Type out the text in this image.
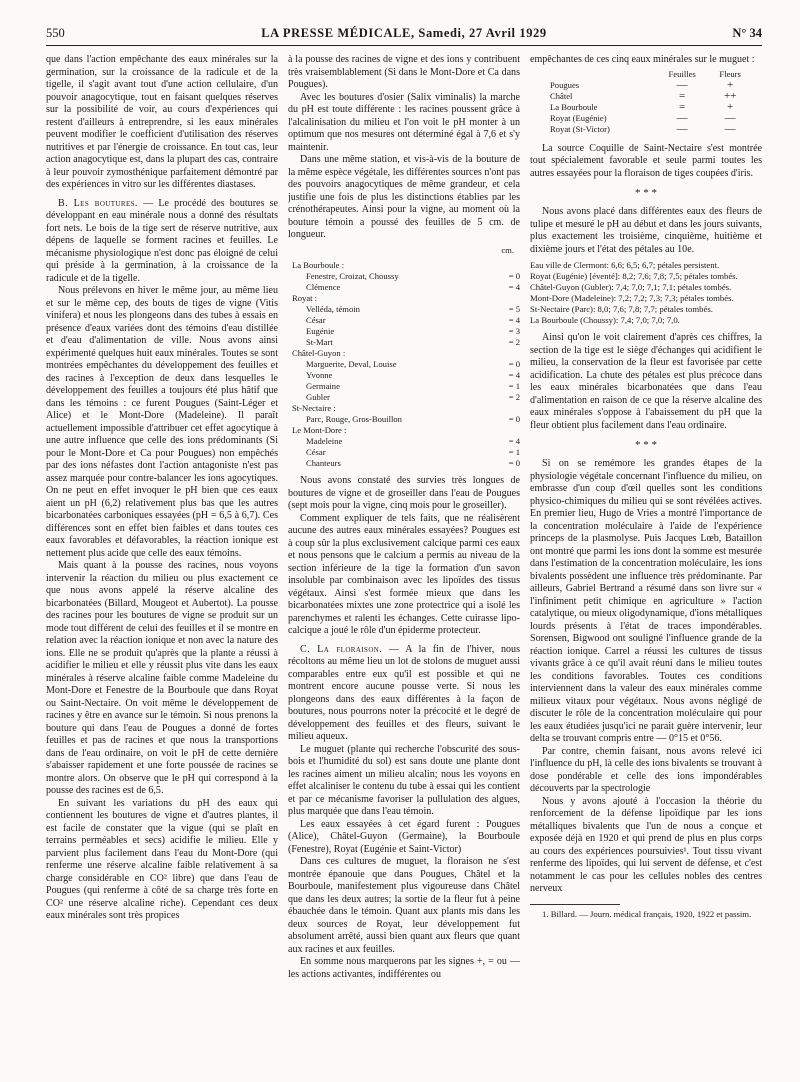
550	LA PRESSE MÉDICALE, Samedi, 27 Avril 1929	N° 34

que dans l'action empêchante des eaux minérales sur la germination, sur la croissance de la radicule et de la tigelle, il s'agit avant tout d'une action cellulaire, d'un pouvoir anagocytique, tout en faisant quelques réserves sur la possibilité de voir, au cours d'expériences qui restent d'ailleurs à entreprendre, si les eaux minérales peuvent modifier le coefficient d'utilisation des réserves nutritives et par l'énergie de croissance. En tout cas, leur action anagocytique est, dans la plupart des cas, contraire à leur pouvoir zymosthénique parfaitement démontré par des expériences in vitro sur les différentes diastases.

B. Les boutures. — Le procédé des boutures se développant en eau minérale nous a donné des résultats fort nets. Le bois de la tige sert de réserve nutritive, aux dépens de laquelle se forment racines et feuilles. Le mécanisme physiologique n'est donc pas éloigné de celui qui préside à la germination, à la croissance de la radicule et de la tigelle.

Nous prélevons en hiver le même jour, au même lieu et sur le même cep, des bouts de tiges de vigne (Vitis vinifera) et nous les plongeons dans des tubes à essais en présence d'eaux variées dont des témoins d'eau distillée et d'eau d'alimentation de ville. Nous avons ainsi expérimenté quelques huit eaux minérales. Toutes se sont montrées empêchantes du développement des feuilles et des racines à l'exception de deux dans lesquelles le développement des feuilles a toujours été plus hâtif que dans les témoins : ce furent Pougues (Saint-Léger et Alice) et le Mont-Dore (Madeleine). Il paraît actuellement impossible d'attribuer cet effet agocytique à une autre influence que celle des ions prédominants (Si pour le Mont-Dore et Ca pour Pougues) non empêchés par des ions néfastes dont l'action antagoniste n'est pas assez marquée pour contre-balancer les ions agocytiques. On ne peut en effet invoquer le pH bien que ces eaux aient un pH (6,2) relativement plus bas que les autres bicarbonatées carboniques essayées (pH = 6,5 à 6,7). Ces différences sont en effet bien faibles et dans toutes ces eaux favorables et défavorables, la réaction ionique est nettement plus acide que celle des eaux témoins.

Mais quant à la pousse des racines, nous voyons intervenir la réaction du milieu ou plus exactement ce que nous avons appelé la réserve alcaline des bicarbonatées (Billard, Mougeot et Aubertot). La pousse des racines pour les boutures de vigne se produit sur un mode tout différent de celui des feuilles et il se montre en relation avec la réaction ionique et non avec la nature des ions. Elle ne se produit qu'après que la plante a réussi à acidifier le milieu et elle y réussit plus vite dans les eaux minérales à réserve alcaline faible comme Madeleine du Mont-Dore et Fenestre de la Bourboule que dans Royat ou Saint-Nectaire. On voit même le développement de racines y être en avance sur le témoin. Si nous prenons la bouture qui dans l'eau de Pougues a donné de fortes feuilles et pas de racines et que nous la transportions dans de l'eau ordinaire, on voit le pH de cette dernière s'abaisser rapidement et une forte poussée de racines se montre alors. On observe que le pH qui correspond à la pousse des racines est de 6,5.

En suivant les variations du pH des eaux qui contiennent les boutures de vigne et d'autres plantes, il est facile de constater que la vigue (qui se plaît en terrains perméables et secs) acidifie le milieu. Elle y parvient plus facilement dans l'eau du Mont-Dore (qui renferme une réserve alcaline faible relativement à sa charge considérable en CO² libre) que dans l'eau de Pougues (qui renferme à côté de sa charge très forte en CO² une réserve alcaline riche). Cependant ces deux eaux minérales sont très propices

à la pousse des racines de vigne et des ions y contribuent très vraisemblablement (Si dans le Mont-Dore et Ca dans Pougues).

Avec les boutures d'osier (Salix viminalis) la marche du pH est toute différente : les racines poussent grâce à l'alcalinisation du milieu et l'on voit le pH monter à un optimum que nos mesures ont déterminé égal à 7,6 et s'y maintenir.

Dans une même station, et vis-à-vis de la bouture de la même espèce végétale, les différentes sources n'ont pas des pouvoirs anagocytiques de même grandeur, et cela justifie une fois de plus les distinctions établies par les crénothérapeutes. Ainsi pour la vigne, au moment où la bouture témoin a poussé des feuilles de 5 cm. de longueur.

cm.
La Bourboule :	
Fenestre, Croizat, Choussy	= 0
Clémence	= 4
Royat :	
Velléda, témoin	= 5
César	= 4
Eugénie	= 3
St-Mart	= 2
Châtel-Guyon :	
Marguerite, Deval, Louise	= 0
Yvonne	= 4
Germaine	= 1
Gubler	= 2
St-Nectaire :	
Parc, Rouge, Gros-Bouillon	= 0
Le Mont-Dore :	
Madeleine	= 4
César	= 1
Chanteurs	= 0

Nous avons constaté des survies très longues de boutures de vigne et de groseiller dans l'eau de Pougues (sept mois pour la vigne, cinq mois pour le groseiller).

Comment expliquer de tels faits, que ne réalisèrent aucune des autres eaux minérales essayées? Pougues est à coup sûr la plus exclusivement calcique parmi ces eaux et nous pensons que le calcium a permis au niveau de la section inférieure de la tige la formation d'un savon insoluble par combinaison avec les lipoïdes des tissus végétaux. Ainsi s'est formée mieux que dans les bicarbonatées mixtes une zone protectrice qui a isolé les parenchymes et ralenti les échanges. Cette cuirasse lipo-calcique a joué le rôle d'un épiderme protecteur.

C. La floraison. — A la fin de l'hiver, nous récoltons au même lieu un lot de stolons de muguet aussi comparables entre eux qu'il est possible et qui ne montrent encore aucune pousse verte. Si nous les plongeons dans des eaux différentes à la façon de boutures, nous pourrons noter la précocité et le degré de développement des feuilles et des fleurs, suivant le milieu aqueux.

Le muguet (plante qui recherche l'obscurité des sous-bois et l'humidité du sol) est sans doute une plante dont les racines aiment un milieu alcalin; nous les voyons en effet alcaliniser le contenu du tube à essai qui les contient et par ce mécanisme favoriser la pullulation des algues, plus marquée que dans l'eau témoin.

Les eaux essayées à cet égard furent : Pougues (Alice), Châtel-Guyon (Germaine), la Bourboule (Fenestre), Royat (Eugénie et Saint-Victor)

Dans ces cultures de muguet, la floraison ne s'est montrée épanouie que dans Pougues, Châtel et la Bourboule, manifestement plus vigoureuse dans Châtel que dans les deux autres; la sortie de la fleur fut à peine ébauchée dans le témoin. Quant aux plants mis dans les deux sources de Royat, leur développement fut absolument arrêté, aussi bien quant aux fleurs que quant aux racines et aux feuilles.

En somme nous marquerons par les signes +, = ou — les actions activantes, indifférentes ou

empêchantes de ces cinq eaux minérales sur le muguet :

	Feuilles	Fleurs
Pougues	—	+
Châtel	=	++
La Bourboule	=	+
Royat (Eugénie)	—	—
Royat (St-Victor)	—	—

La source Coquille de Saint-Nectaire s'est montrée tout spécialement favorable et seule parmi toutes les autres essayées pour la floraison de tiges coupées d'iris.

* * *

Nous avons placé dans différentes eaux des fleurs de tulipe et mesuré le pH au début et dans les jours suivants, plus exactement les troisième, cinquième, huitième et dixième jours et l'état des pétales au 10e.

Eau ville de Clermont: 6,6; 6,5; 6,7; pétales persistent.
Royat (Eugénie) [éventé]: 8,2; 7,6; 7,8; 7,5; pétales tombés.
Châtel-Guyon (Gubler): 7,4; 7,0; 7,1; 7,1; pétales tombés.
Mont-Dore (Madeleine): 7,2; 7,2; 7,3; 7,3; pétales tombés.
St-Nectaire (Parc): 8,0; 7,6; 7,8; 7,7; pétales tombés.
La Bourboule (Choussy): 7,4; 7,0; 7,0; 7,0.

Ainsi qu'on le voit clairement d'après ces chiffres, la section de la tige est le siège d'échanges qui acidifient le milieu, la conservation de la fleur est favorisée par cette acidification. La chute des pétales est plus précoce dans les eaux minérales bicarbonatées que dans l'eau d'alimentation en raison de ce que la réserve alcaline des eaux minérales s'oppose à l'abaissement du pH que la fleur obtient plus facilement dans l'eau ordinaire.

* * *

Si on se remémore les grandes étapes de la physiologie végétale concernant l'influence du milieu, on embrasse d'un coup d'œil quelles sont les conditions physico-chimiques du milieu qui se sont révélées actives. En premier lieu, Hugo de Vries a montré l'importance de la concentration moléculaire à l'aide de l'expérience princeps de la plasmolyse. Puis Jacques Lœb, Bataillon ont montré que parmi les ions dont la somme est mesurée dans l'estimation de la concentration moléculaire, les ions bivalents possèdent une influence très prédominante. Par ailleurs, Gabriel Bertrand a résumé dans son livre sur « l'infiniment petit chimique en agriculture » l'action catalytique, ou mieux oligodynamique, d'ions métalliques lourds présents à l'état de traces impondérables. Sorensen, Bigwood ont souligné l'influence grande de la réaction ionique. Carrel a réussi les cultures de tissus vivants grâce à ce qu'il avait réuni dans le milieu toutes les conditions favorables. Toutes ces conditions interviennent dans la valeur des eaux minérales comme milieux vitaux pour végétaux. Nous avons négligé de discuter le rôle de la concentration moléculaire qui pour les eaux étudiées jusqu'ici ne parait guère intervenir, leur delta se trouvant compris entre — 0°15 et 0°56.

Par contre, chemin faisant, nous avons relevé ici l'influence du pH, là celle des ions bivalents se trouvant à dose pondérable et celle des ions impondérables découverts par la spectrologie

Nous y avons ajouté à l'occasion la théorie du renforcement de la défense lipoïdique par les ions métalliques bivalents que l'un de nous a conçue et exposée déjà en 1920 et qui prend de plus en plus corps au cours des expériences poursuivies¹. Tout tissu vivant renferme des lipoïdes, qui lui servent de défense, et c'est notamment le cas pour les cellules nobles des centres nerveux

1. Billard. — Journ. médical français, 1920, 1922 et passim.
